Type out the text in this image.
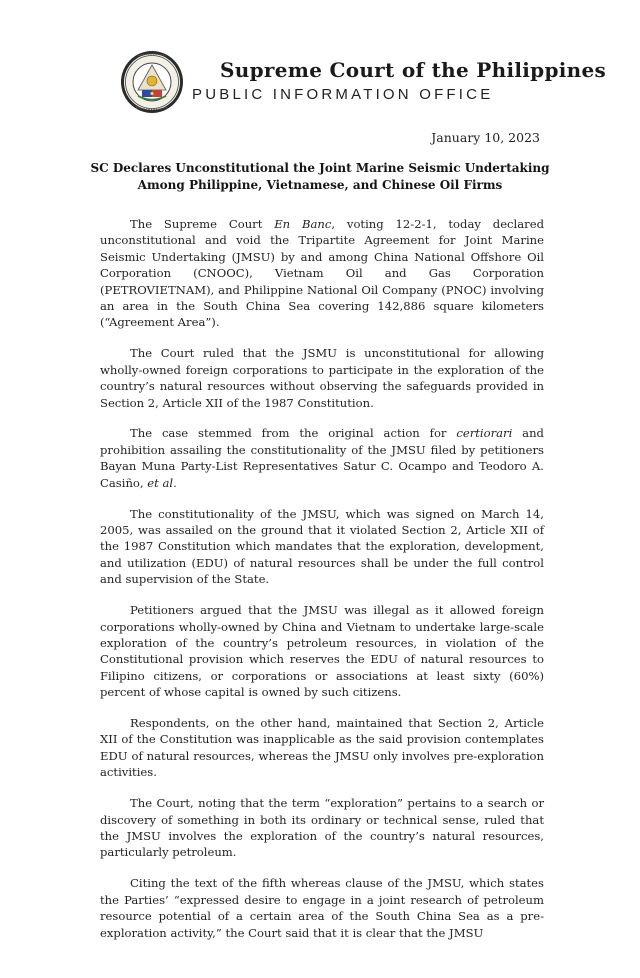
Supreme Court of the Philippines
PUBLIC INFORMATION OFFICE
January 10, 2023
SC Declares Unconstitutional the Joint Marine Seismic Undertaking
Among Philippine, Vietnamese, and Chinese Oil Firms

The Supreme Court En Banc, voting 12-2-1, today declared unconstitutional and void the Tripartite Agreement for Joint Marine Seismic Undertaking (JMSU) by and among China National Offshore Oil Corporation (CNOOC), Vietnam Oil and Gas Corporation (PETROVIETNAM), and Philippine National Oil Company (PNOC) involving an area in the South China Sea covering 142,886 square kilometers (“Agreement Area”).

The Court ruled that the JSMU is unconstitutional for allowing wholly-owned foreign corporations to participate in the exploration of the country’s natural resources without observing the safeguards provided in Section 2, Article XII of the 1987 Constitution.

The case stemmed from the original action for certiorari and prohibition assailing the constitutionality of the JMSU filed by petitioners Bayan Muna Party-List Representatives Satur C. Ocampo and Teodoro A. Casiño, et al.

The constitutionality of the JMSU, which was signed on March 14, 2005, was assailed on the ground that it violated Section 2, Article XII of the 1987 Constitution which mandates that the exploration, development, and utilization (EDU) of natural resources shall be under the full control and supervision of the State.

Petitioners argued that the JMSU was illegal as it allowed foreign corporations wholly-owned by China and Vietnam to undertake large-scale exploration of the country’s petroleum resources, in violation of the Constitutional provision which reserves the EDU of natural resources to Filipino citizens, or corporations or associations at least sixty (60%) percent of whose capital is owned by such citizens.

Respondents, on the other hand, maintained that Section 2, Article XII of the Constitution was inapplicable as the said provision contemplates EDU of natural resources, whereas the JMSU only involves pre-exploration activities.

The Court, noting that the term “exploration” pertains to a search or discovery of something in both its ordinary or technical sense, ruled that the JMSU involves the exploration of the country’s natural resources, particularly petroleum.

Citing the text of the fifth whereas clause of the JMSU, which states the Parties’ “expressed desire to engage in a joint research of petroleum resource potential of a certain area of the South China Sea as a pre-exploration activity,” the Court said that it is clear that the JMSU
